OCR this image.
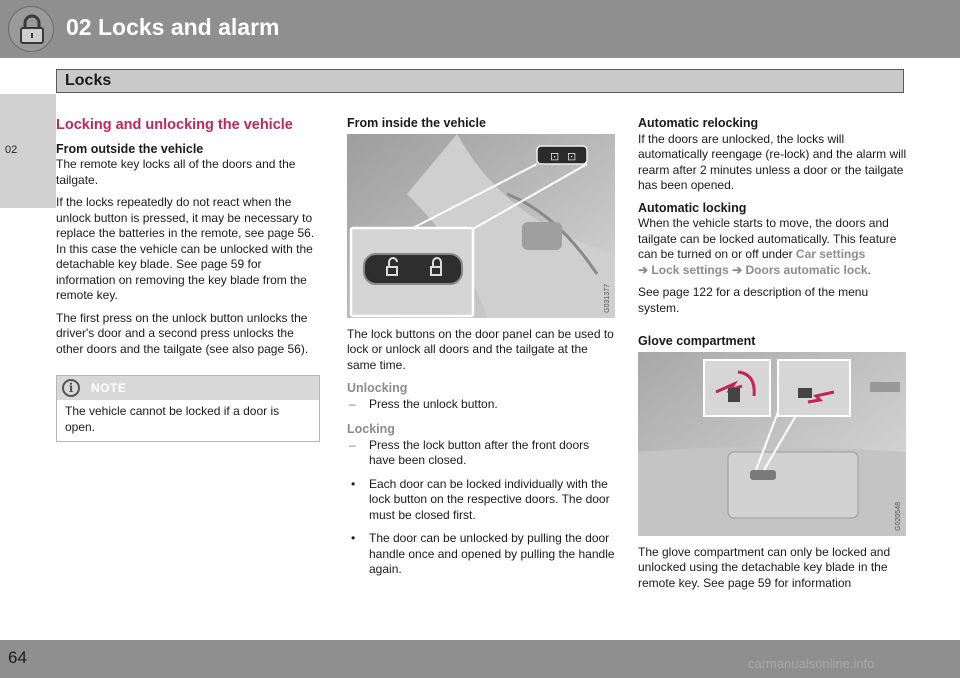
02 Locks and alarm
Locks
02
Locking and unlocking the vehicle
From outside the vehicle

The remote key locks all of the doors and the tailgate.

If the locks repeatedly do not react when the unlock button is pressed, it may be necessary to replace the batteries in the remote, see page 56. In this case the vehicle can be unlocked with the detachable key blade. See page 59 for information on removing the key blade from the remote key.

The first press on the unlock button unlocks the driver's door and a second press unlocks the other doors and the tailgate (see also page 56).

i	NOTE
The vehicle cannot be locked if a door is open.
From inside the vehicle
⊡ ⊡
G031377

The lock buttons on the door panel can be used to lock or unlock all doors and the tailgate at the same time.

Unlocking
– Press the unlock button.
Locking
– Press the lock button after the front doors have been closed.
• Each door can be locked individually with the lock button on the respective doors. The door must be closed first.
• The door can be unlocked by pulling the door handle once and opened by pulling the handle again.
Automatic relocking

If the doors are unlocked, the locks will automatically reengage (re-lock) and the alarm will rearm after 2 minutes unless a door or the tailgate has been opened.

Automatic locking

When the vehicle starts to move, the doors and tailgate can be locked automatically. This feature can be turned on or off under Car settings
➔ Lock settings ➔ Doors automatic lock.

See page 122 for a description of the menu system.

Glove compartment
G020548

The glove compartment can only be locked and unlocked using the detachable key blade in the remote key. See page 59 for information

64	carmanualsonline.info
